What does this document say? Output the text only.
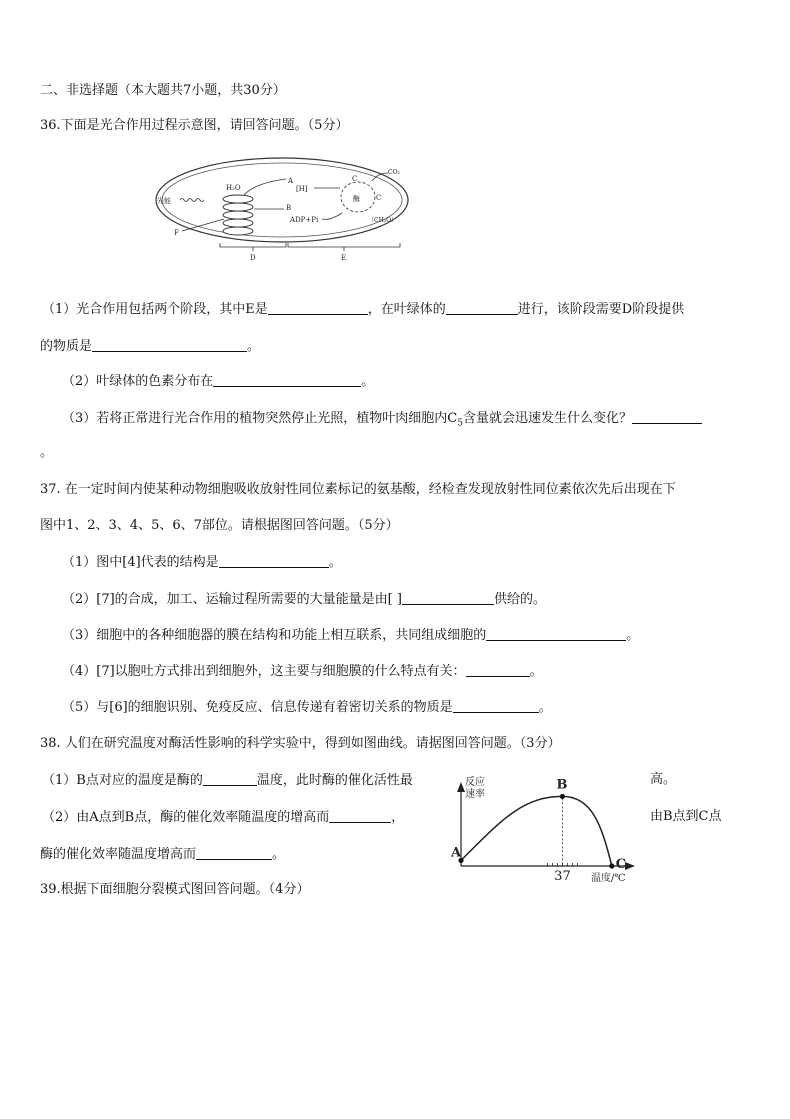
二、非选择题（本大题共7小题，共30分）
36.下面是光合作用过程示意图，请回答问题。（5分）
光能
H₂O
A
[H]
B
ADP+Pi
C
CO₂
酶 C
（CH₂O）
F
D	E
（1）光合作用包括两个阶段，其中E是	，在叶绿体的	进行，该阶段需要D阶段提供
的物质是	。
（2）叶绿体的色素分布在	。
（3）若将正常进行光合作用的植物突然停止光照，植物叶肉细胞内$C_5$含量就会迅速发生什么变化？
。
37. 在一定时间内使某种动物细胞吸收放射性同位素标记的氨基酸，经检查发现放射性同位素依次先后出现在下
图中1、2、3、4、5、6、7部位。请根据图回答问题。（5分）
（1）图中[4]代表的结构是	。
（2）[7]的合成，加工、运输过程所需要的大量能量是由[ ]	供给的。
（3）细胞中的各种细胞器的膜在结构和功能上相互联系，共同组成细胞的	。
（4）[7]以胞吐方式排出到细胞外，这主要与细胞膜的什么特点有关：	。
（5）与[6]的细胞识别、免疫反应、信息传递有着密切关系的物质是	。
38. 人们在研究温度对酶活性影响的科学实验中，得到如图曲线。请据图回答问题。（3分）
（1）B点对应的温度是酶的	温度，此时酶的催化活性最	高。
（2）由A点到B点，酶的催化效率随温度的增高而	，	由B点到C点
酶的催化效率随温度增高而	。
反应
速率
温度/℃
37
A
B
C
39.根据下面细胞分裂模式图回答问题。（4分）
